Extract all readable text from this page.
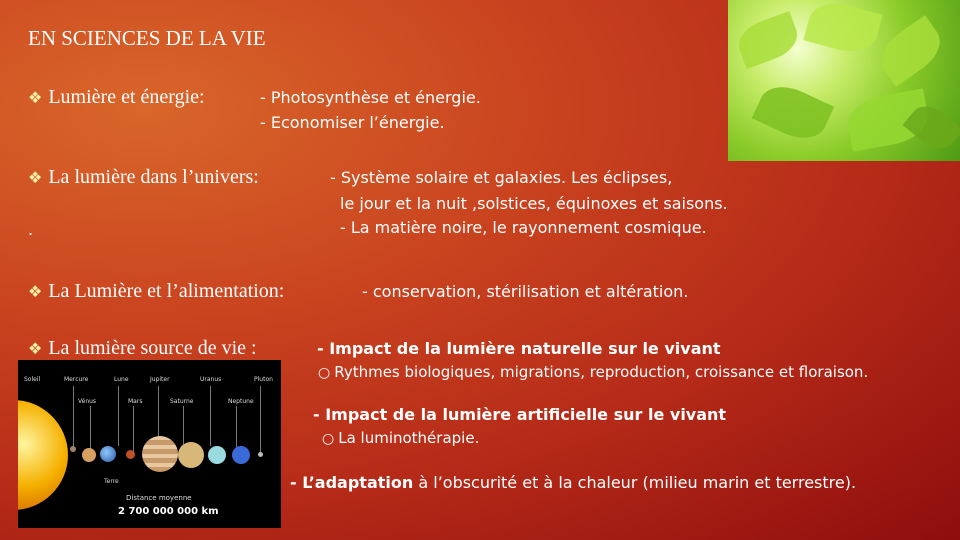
EN SCIENCES DE LA VIE
❖ Lumière et énergie:	- Photosynthèse et énergie.
- Economiser l’énergie.
❖ La lumière dans l’univers:	- Système solaire et galaxies. Les éclipses,
le jour et la nuit ,solstices, équinoxes et saisons.
- La matière noire, le rayonnement cosmique.
.
❖ La Lumière et l’alimentation:	- conservation, stérilisation et altération.
❖ La lumière source de vie :	- Impact de la lumière naturelle sur le vivant
○ Rythmes biologiques, migrations, reproduction, croissance et floraison.
- Impact de la lumière artificielle sur le vivant
○ La luminothérapie.
- L’adaptation à l’obscurité et à la chaleur (milieu marin et terrestre).
Soleil	Mercure	Lune	Jupiter	Uranus	Pluton
Vénus	Mars	Saturne	Neptune
Terre
Distance moyenne
2 700 000 000 km
